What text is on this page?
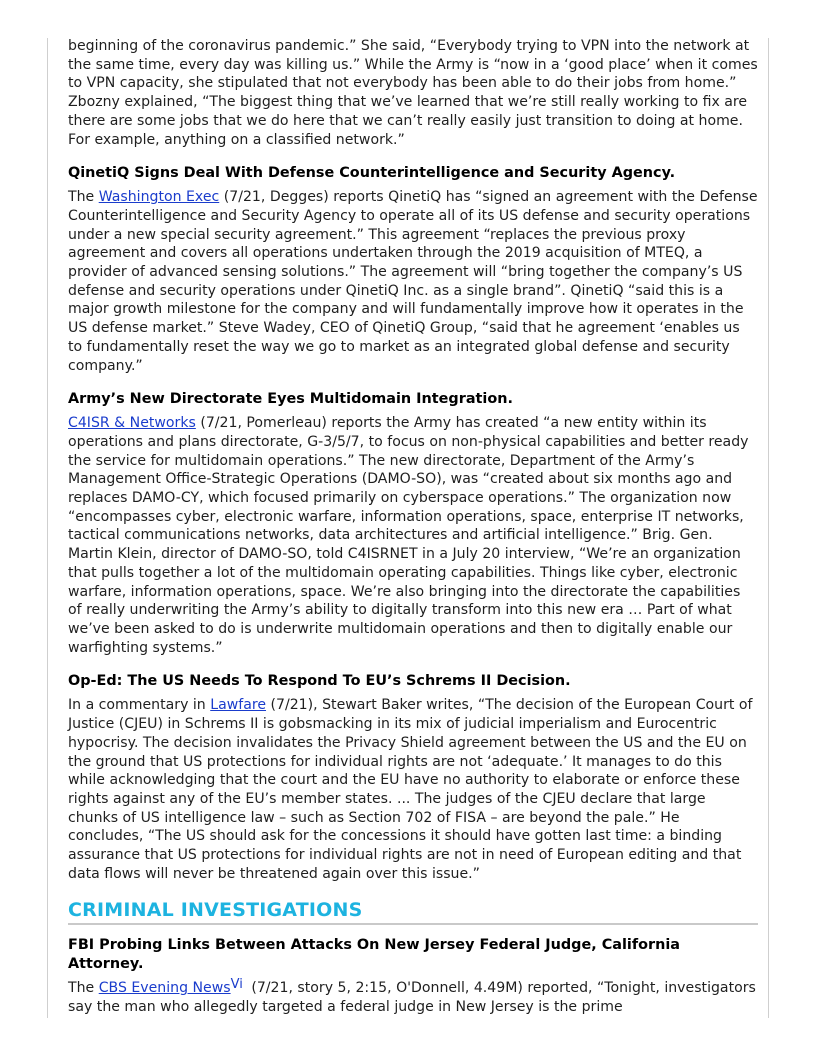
beginning of the coronavirus pandemic.” She said, “Everybody trying to VPN into the network at the same time, every day was killing us.” While the Army is “now in a ‘good place’ when it comes to VPN capacity, she stipulated that not everybody has been able to do their jobs from home.” Zbozny explained, “The biggest thing that we’ve learned that we’re still really working to fix are there are some jobs that we do here that we can’t really easily just transition to doing at home. For example, anything on a classified network.”

QinetiQ Signs Deal With Defense Counterintelligence and Security Agency.

The Washington Exec (7/21, Degges) reports QinetiQ has “signed an agreement with the Defense Counterintelligence and Security Agency to operate all of its US defense and security operations under a new special security agreement.” This agreement “replaces the previous proxy agreement and covers all operations undertaken through the 2019 acquisition of MTEQ, a provider of advanced sensing solutions.” The agreement will “bring together the company’s US defense and security operations under QinetiQ Inc. as a single brand”. QinetiQ “said this is a major growth milestone for the company and will fundamentally improve how it operates in the US defense market.” Steve Wadey, CEO of QinetiQ Group, “said that he agreement ‘enables us to fundamentally reset the way we go to market as an integrated global defense and security company.”

Army’s New Directorate Eyes Multidomain Integration.

C4ISR & Networks (7/21, Pomerleau) reports the Army has created “a new entity within its operations and plans directorate, G-3/5/7, to focus on non-physical capabilities and better ready the service for multidomain operations.” The new directorate, Department of the Army’s Management Office-Strategic Operations (DAMO-SO), was “created about six months ago and replaces DAMO-CY, which focused primarily on cyberspace operations.” The organization now “encompasses cyber, electronic warfare, information operations, space, enterprise IT networks, tactical communications networks, data architectures and artificial intelligence.” Brig. Gen. Martin Klein, director of DAMO-SO, told C4ISRNET in a July 20 interview, “We’re an organization that pulls together a lot of the multidomain operating capabilities. Things like cyber, electronic warfare, information operations, space. We’re also bringing into the directorate the capabilities of really underwriting the Army’s ability to digitally transform into this new era … Part of what we’ve been asked to do is underwrite multidomain operations and then to digitally enable our warfighting systems.”

Op-Ed: The US Needs To Respond To EU’s Schrems II Decision.

In a commentary in Lawfare (7/21), Stewart Baker writes, “The decision of the European Court of Justice (CJEU) in Schrems II is gobsmacking in its mix of judicial imperialism and Eurocentric hypocrisy. The decision invalidates the Privacy Shield agreement between the US and the EU on the ground that US protections for individual rights are not ‘adequate.’ It manages to do this while acknowledging that the court and the EU have no authority to elaborate or enforce these rights against any of the EU’s member states. ... The judges of the CJEU declare that large chunks of US intelligence law – such as Section 702 of FISA – are beyond the pale.” He concludes, “The US should ask for the concessions it should have gotten last time: a binding assurance that US protections for individual rights are not in need of European editing and that data flows will never be threatened again over this issue.”

CRIMINAL INVESTIGATIONS
FBI Probing Links Between Attacks On New Jersey Federal Judge, California Attorney.

The CBS Evening News$^{Vi}$ (7/21, story 5, 2:15, O'Donnell, 4.49M) reported, “Tonight, investigators say the man who allegedly targeted a federal judge in New Jersey is the prime
